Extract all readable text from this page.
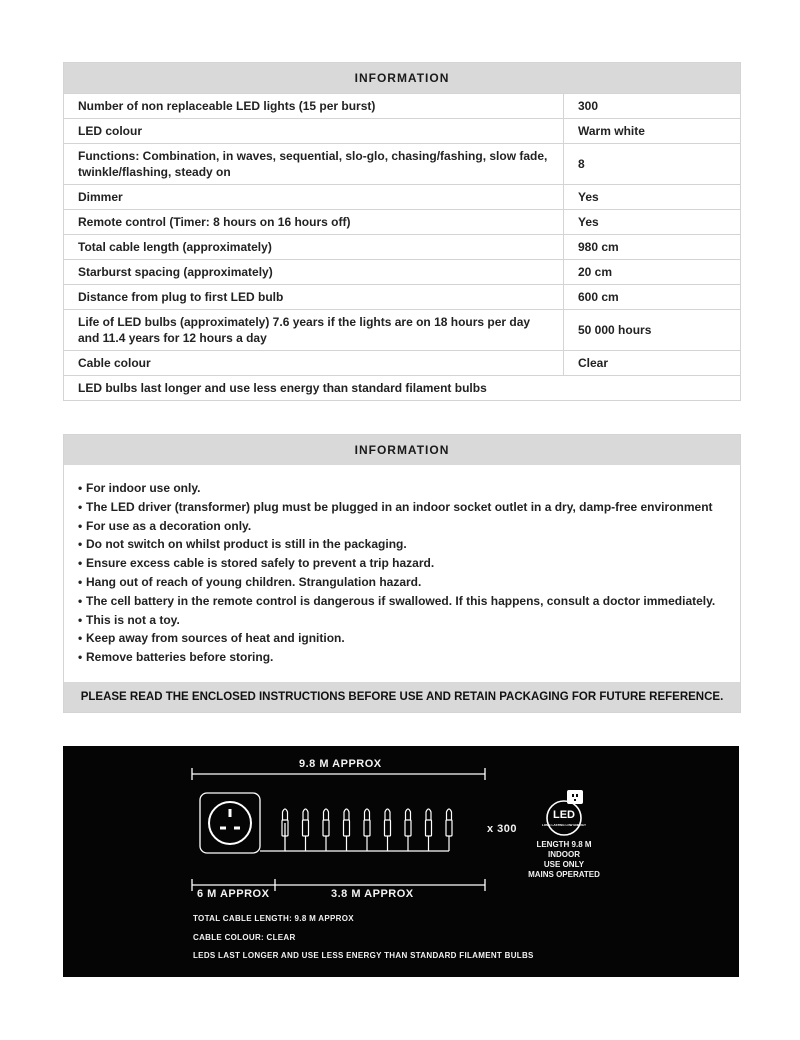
INFORMATION
Number of non replaceable LED lights (15 per burst)	300
LED colour	Warm white
Functions: Combination, in waves, sequential, slo-glo, chasing/fashing, slow fade, twinkle/flashing, steady on	8
Dimmer	Yes
Remote control (Timer: 8 hours on 16 hours off)	Yes
Total cable length (approximately)	980 cm
Starburst spacing (approximately)	20 cm
Distance from plug to first LED bulb	600 cm
Life of LED bulbs (approximately) 7.6 years if the lights are on 18 hours per day and 11.4 years for 12 hours a day	50 000 hours
Cable colour	Clear
LED bulbs last longer and use less energy than standard filament bulbs	
INFORMATION
• For indoor use only.
• The LED driver (transformer) plug must be plugged in an indoor socket outlet in a dry, damp-free environment
• For use as a decoration only.
• Do not switch on whilst product is still in the packaging.
• Ensure excess cable is stored safely to prevent a trip hazard.
• Hang out of reach of young children. Strangulation hazard.
• The cell battery in the remote control is dangerous if swallowed. If this happens, consult a doctor immediately.
• This is not a toy.
• Keep away from sources of heat and ignition.
• Remove batteries before storing.
PLEASE READ THE ENCLOSED INSTRUCTIONS BEFORE USE AND RETAIN PACKAGING FOR FUTURE REFERENCE.
LED
LONG LASTING LOW ENERGY
9.8 M APPROX
x 300
6 M APPROX	3.8 M APPROX
LENGTH 9.8 M
INDOOR
USE ONLY
MAINS OPERATED
TOTAL CABLE LENGTH: 9.8 M APPROX
CABLE COLOUR: CLEAR
LEDS LAST LONGER AND USE LESS ENERGY THAN STANDARD FILAMENT BULBS
